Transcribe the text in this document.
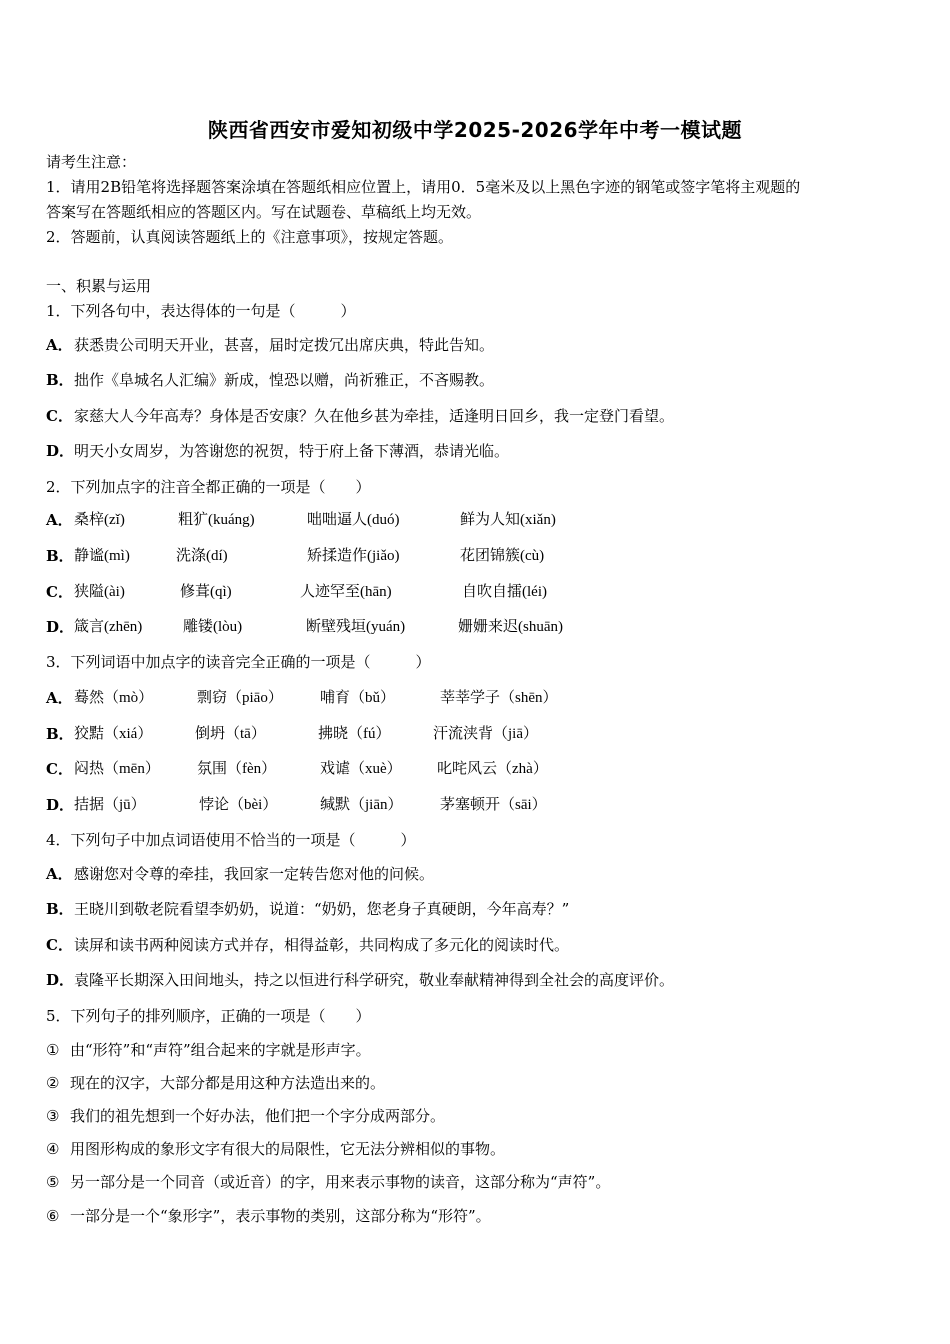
陕西省西安市爱知初级中学2025-2026学年中考一模试题
请考生注意：
1．请用2B铅笔将选择题答案涂填在答题纸相应位置上，请用0．5毫米及以上黑色字迹的钢笔或签字笔将主观题的
答案写在答题纸相应的答题区内。写在试题卷、草稿纸上均无效。
2．答题前，认真阅读答题纸上的《注意事项》，按规定答题。
一、积累与运用
1．下列各句中，表达得体的一句是（　　　）
A．获悉贵公司明天开业，甚喜，届时定拨冗出席庆典，特此告知。
B．拙作《阜城名人汇编》新成，惶恐以赠，尚祈雅正，不吝赐教。
C．家慈大人今年高寿？身体是否安康？久在他乡甚为牵挂，适逢明日回乡，我一定登门看望。
D．明天小女周岁，为答谢您的祝贺，特于府上备下薄酒，恭请光临。
2．下列加点字的注音全都正确的一项是（　　）
A． 桑梓(zǐ)	粗犷(kuáng)	咄咄逼人(duó)	鲜为人知(xiǎn)
B． 静谧(mì)	洗涤(dí)	矫揉造作(jiǎo)	花团锦簇(cù)
C． 狭隘(ài)	修葺(qì)	人迹罕至(hān)	自吹自擂(léi)
D． 箴言(zhēn)	雕镂(lòu)	断壁残垣(yuán)	姗姗来迟(shuān)
3．下列词语中加点字的读音完全正确的一项是（　　　）
A． 蓦然（mò）	剽窃（piāo） 哺育（bǔ）	莘莘学子（shēn）
B． 狡黠（xiá）	倒坍（tā）	拂晓（fú）	汗流浃背（jiā）
C． 闷热（mēn） 氛围（fèn）	戏谑（xuè） 叱咤风云（zhà）
D． 拮据（jū）	悖论（bèi）	缄默（jiān）	茅塞顿开（sāi）
4．下列句子中加点词语使用不恰当的一项是（　　　）
A．感谢您对令尊的牵挂，我回家一定转告您对他的问候。
B．王晓川到敬老院看望李奶奶，说道：“奶奶，您老身子真硬朗，今年高寿？”
C．读屏和读书两种阅读方式并存，相得益彰，共同构成了多元化的阅读时代。
D．袁隆平长期深入田间地头，持之以恒进行科学研究，敬业奉献精神得到全社会的高度评价。
5．下列句子的排列顺序，正确的一项是（　　）
① 由“形符”和“声符”组合起来的字就是形声字。
② 现在的汉字，大部分都是用这种方法造出来的。
③ 我们的祖先想到一个好办法，他们把一个字分成两部分。
④ 用图形构成的象形文字有很大的局限性，它无法分辨相似的事物。
⑤ 另一部分是一个同音（或近音）的字，用来表示事物的读音，这部分称为“声符”。
⑥ 一部分是一个“象形字”，表示事物的类别，这部分称为“形符”。
